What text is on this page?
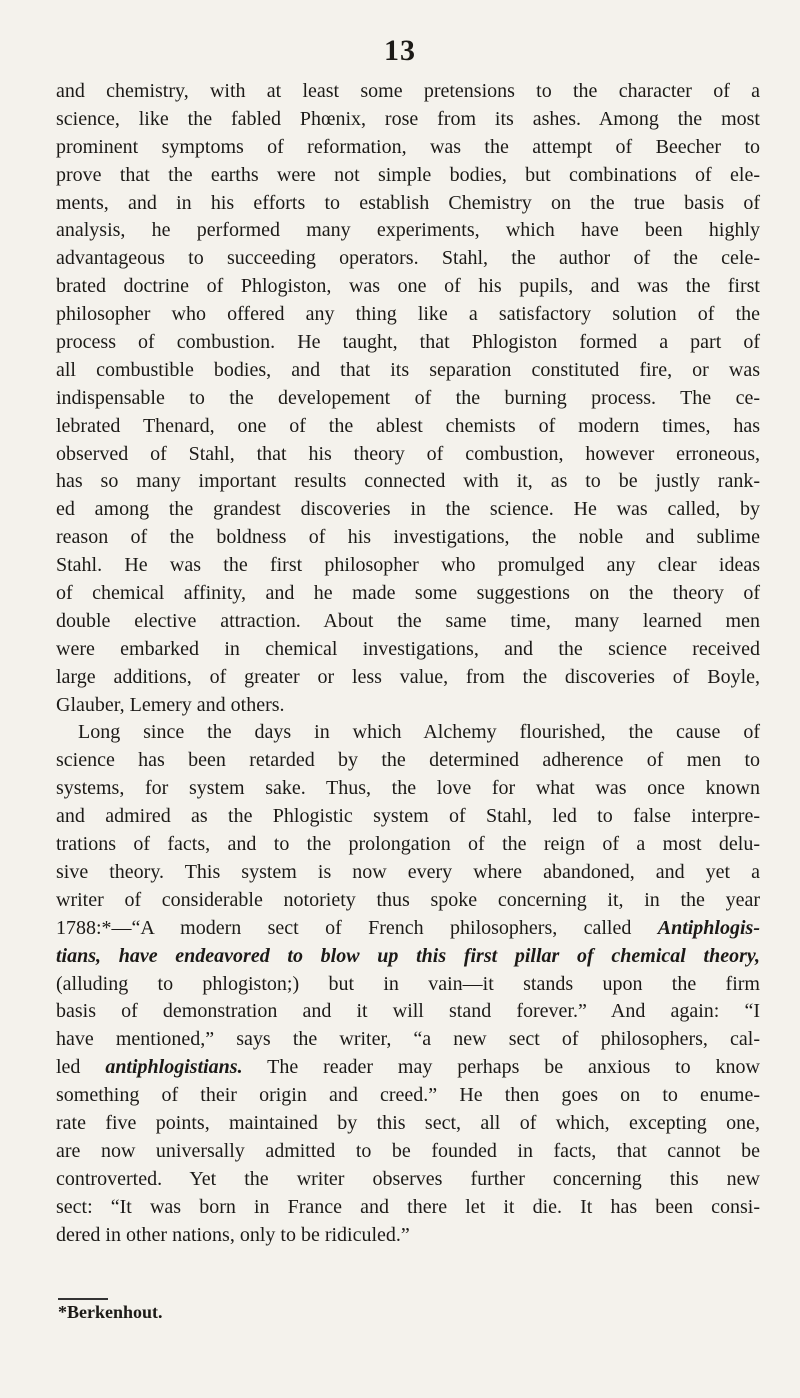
13
and chemistry, with at least some pretensions to the character of a
science, like the fabled Phœnix, rose from its ashes. Among the most
prominent symptoms of reformation, was the attempt of Beecher to
prove that the earths were not simple bodies, but combinations of ele-
ments, and in his efforts to establish Chemistry on the true basis of
analysis, he performed many experiments, which have been highly
advantageous to succeeding operators. Stahl, the author of the cele-
brated doctrine of Phlogiston, was one of his pupils, and was the first
philosopher who offered any thing like a satisfactory solution of the
process of combustion. He taught, that Phlogiston formed a part of
all combustible bodies, and that its separation constituted fire, or was
indispensable to the developement of the burning process. The ce-
lebrated Thenard, one of the ablest chemists of modern times, has
observed of Stahl, that his theory of combustion, however erroneous,
has so many important results connected with it, as to be justly rank-
ed among the grandest discoveries in the science. He was called, by
reason of the boldness of his investigations, the noble and sublime
Stahl. He was the first philosopher who promulged any clear ideas
of chemical affinity, and he made some suggestions on the theory of
double elective attraction. About the same time, many learned men
were embarked in chemical investigations, and the science received
large additions, of greater or less value, from the discoveries of Boyle,
Glauber, Lemery and others.
Long since the days in which Alchemy flourished, the cause of
science has been retarded by the determined adherence of men to
systems, for system sake. Thus, the love for what was once known
and admired as the Phlogistic system of Stahl, led to false interpre-
trations of facts, and to the prolongation of the reign of a most delu-
sive theory. This system is now every where abandoned, and yet a
writer of considerable notoriety thus spoke concerning it, in the year
1788:*—“A modern sect of French philosophers, called Antiphlogis-
tians, have endeavored to blow up this first pillar of chemical theory,
(alluding to phlogiston;) but in vain—it stands upon the firm
basis of demonstration and it will stand forever.” And again: “I
have mentioned,” says the writer, “a new sect of philosophers, cal-
led antiphlogistians. The reader may perhaps be anxious to know
something of their origin and creed.” He then goes on to enume-
rate five points, maintained by this sect, all of which, excepting one,
are now universally admitted to be founded in facts, that cannot be
controverted. Yet the writer observes further concerning this new
sect: “It was born in France and there let it die. It has been consi-
dered in other nations, only to be ridiculed.”
*Berkenhout.
